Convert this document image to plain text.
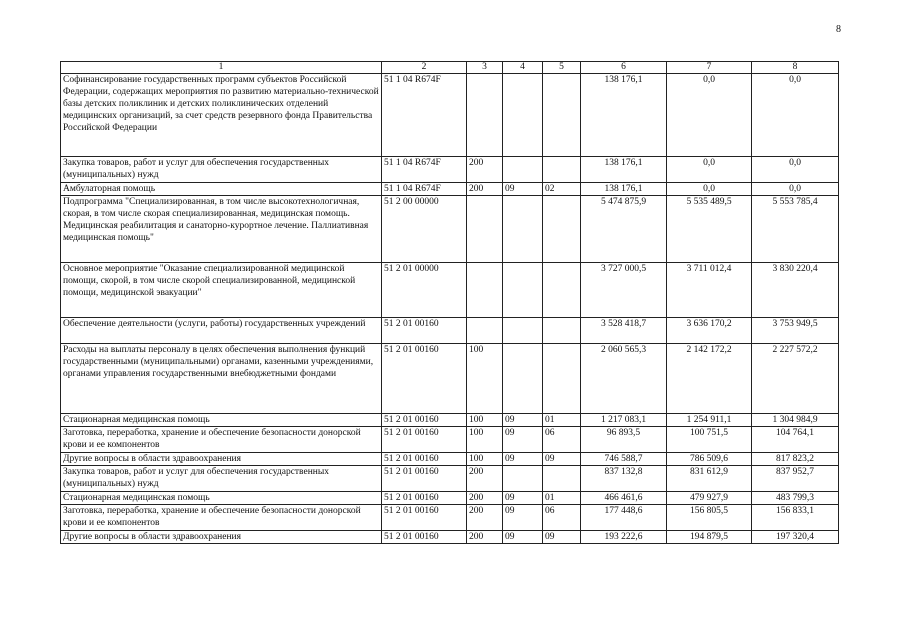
8
1	2	3	4	5	6	7	8
Софинансирование государственных программ субъектов Российской Федерации, содержащих мероприятия по развитию материально-технической базы детских поликлиник и детских поликлинических отделений медицинских организаций, за счет средств резервного фонда Правительства Российской Федерации	51 1 04 R674F				138 176,1	0,0	0,0
Закупка товаров, работ и услуг для обеспечения государственных (муниципальных) нужд	51 1 04 R674F	200			138 176,1	0,0	0,0
Амбулаторная помощь	51 1 04 R674F	200	09	02	138 176,1	0,0	0,0
Подпрограмма "Специализированная, в том числе высокотехнологичная, скорая, в том числе скорая специализированная, медицинская помощь. Медицинская реабилитация и санаторно-курортное лечение. Паллиативная медицинская помощь"	51 2 00 00000				5 474 875,9	5 535 489,5	5 553 785,4
Основное мероприятие "Оказание специализированной медицинской помощи, скорой, в том числе скорой специализированной, медицинской помощи, медицинской эвакуации"	51 2 01 00000				3 727 000,5	3 711 012,4	3 830 220,4
Обеспечение деятельности (услуги, работы) государственных учреждений	51 2 01 00160				3 528 418,7	3 636 170,2	3 753 949,5
Расходы на выплаты персоналу в целях обеспечения выполнения функций государственными (муниципальными) органами, казенными учреждениями, органами управления государственными внебюджетными фондами	51 2 01 00160	100			2 060 565,3	2 142 172,2	2 227 572,2
Стационарная медицинская помощь	51 2 01 00160	100	09	01	1 217 083,1	1 254 911,1	1 304 984,9
Заготовка, переработка, хранение и обеспечение безопасности донорской крови и ее компонентов	51 2 01 00160	100	09	06	96 893,5	100 751,5	104 764,1
Другие вопросы в области здравоохранения	51 2 01 00160	100	09	09	746 588,7	786 509,6	817 823,2
Закупка товаров, работ и услуг для обеспечения государственных (муниципальных) нужд	51 2 01 00160	200			837 132,8	831 612,9	837 952,7
Стационарная медицинская помощь	51 2 01 00160	200	09	01	466 461,6	479 927,9	483 799,3
Заготовка, переработка, хранение и обеспечение безопасности донорской крови и ее компонентов	51 2 01 00160	200	09	06	177 448,6	156 805,5	156 833,1
Другие вопросы в области здравоохранения	51 2 01 00160	200	09	09	193 222,6	194 879,5	197 320,4
